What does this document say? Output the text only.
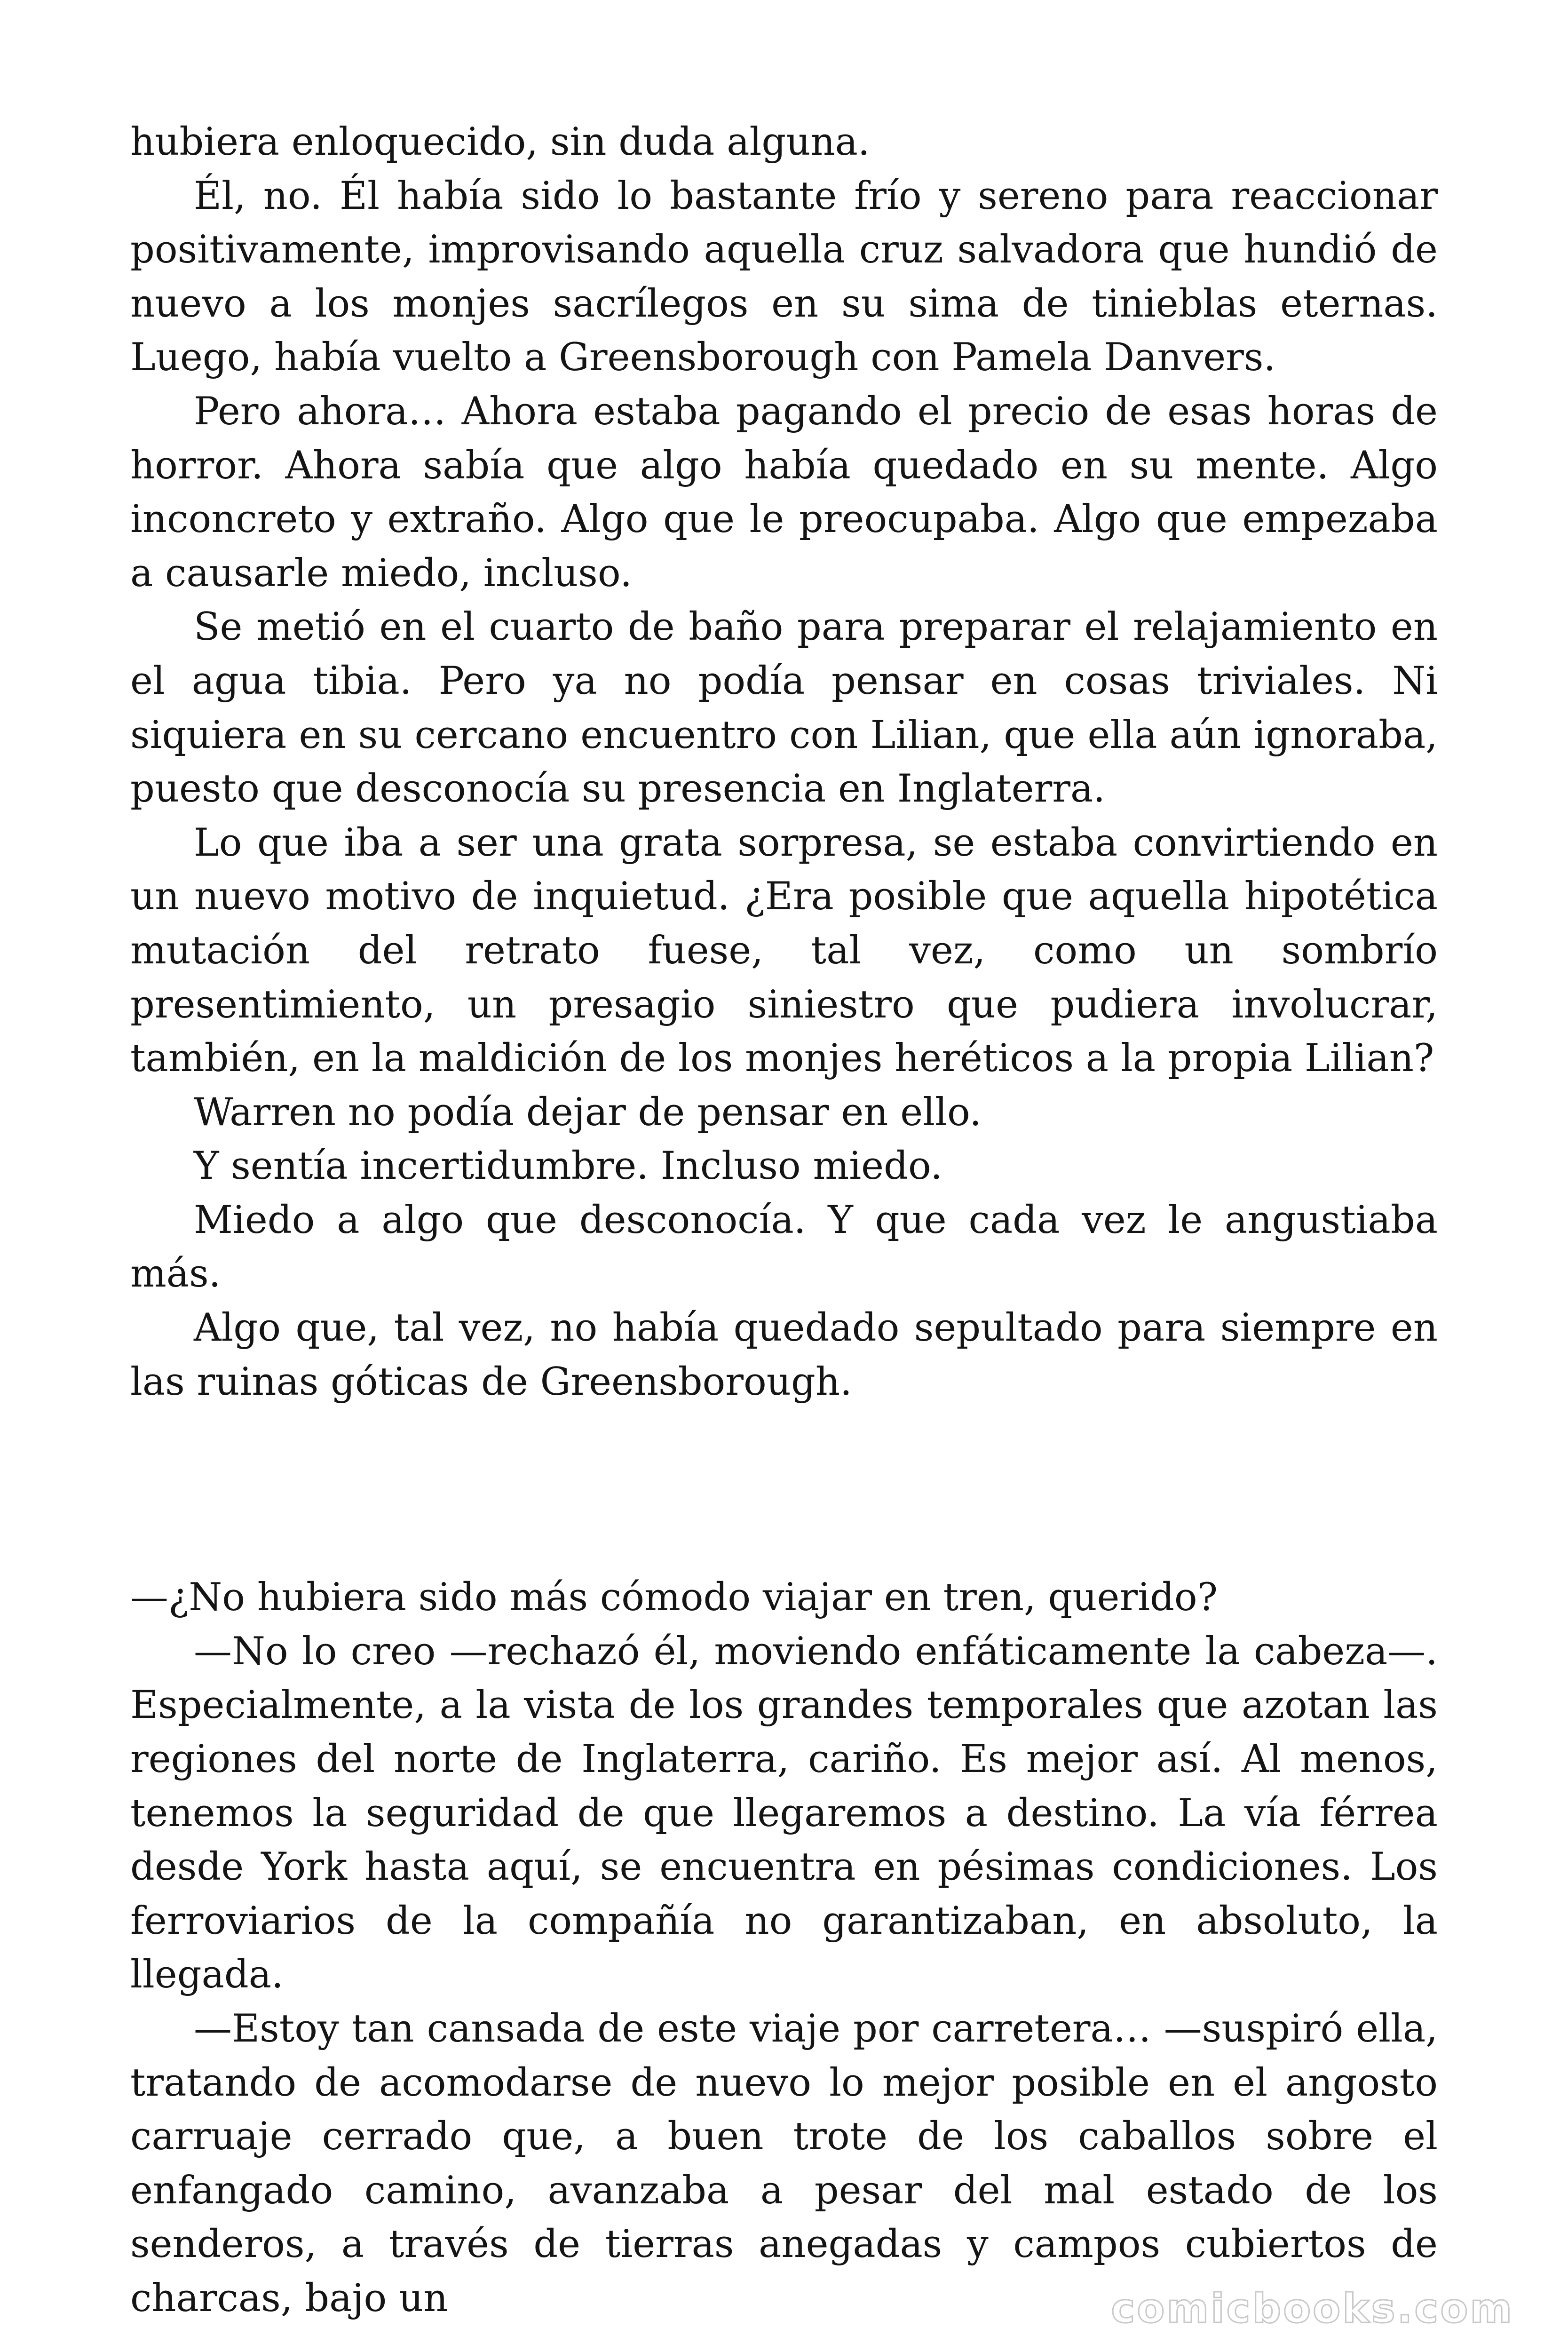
hubiera enloquecido, sin duda alguna.

Él, no. Él había sido lo bastante frío y sereno para reaccionar positivamente, improvisando aquella cruz salvadora que hundió de nuevo a los monjes sacrílegos en su sima de tinieblas eternas. Luego, había vuelto a Greensborough con Pamela Danvers.

Pero ahora… Ahora estaba pagando el precio de esas horas de horror. Ahora sabía que algo había quedado en su mente. Algo inconcreto y extraño. Algo que le preocupaba. Algo que empezaba a causarle miedo, incluso.

Se metió en el cuarto de baño para preparar el relajamiento en el agua tibia. Pero ya no podía pensar en cosas triviales. Ni siquiera en su cercano encuentro con Lilian, que ella aún ignoraba, puesto que desconocía su presencia en Inglaterra.

Lo que iba a ser una grata sorpresa, se estaba convirtiendo en un nuevo motivo de inquietud. ¿Era posible que aquella hipotética mutación del retrato fuese, tal vez, como un sombrío presentimiento, un presagio siniestro que pudiera involucrar, también, en la maldición de los monjes heréticos a la propia Lilian?

Warren no podía dejar de pensar en ello.

Y sentía incertidumbre. Incluso miedo.

Miedo a algo que desconocía. Y que cada vez le angustiaba más.

Algo que, tal vez, no había quedado sepultado para siempre en las ruinas góticas de Greensborough.

—¿No hubiera sido más cómodo viajar en tren, querido?

—No lo creo —rechazó él, moviendo enfáticamente la cabeza—. Especialmente, a la vista de los grandes temporales que azotan las regiones del norte de Inglaterra, cariño. Es mejor así. Al menos, tenemos la seguridad de que llegaremos a destino. La vía férrea desde York hasta aquí, se encuentra en pésimas condiciones. Los ferroviarios de la compañía no garantizaban, en absoluto, la llegada.

—Estoy tan cansada de este viaje por carretera… —suspiró ella, tratando de acomodarse de nuevo lo mejor posible en el angosto carruaje cerrado que, a buen trote de los caballos sobre el enfangado camino, avanzaba a pesar del mal estado de los senderos, a través de tierras anegadas y campos cubiertos de charcas, bajo un	comicbooks.com
